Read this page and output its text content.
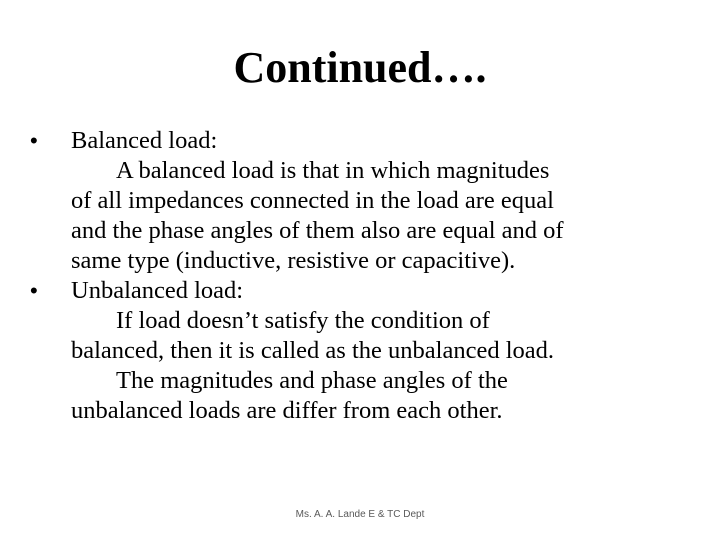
Continued….
•	Balanced load:
A balanced load is that in which magnitudes
of all impedances connected in the load are equal
and the phase angles of them also are equal and of
same type (inductive, resistive or capacitive).
•	Unbalanced load:
If load doesn’t satisfy the condition of
balanced, then it is called as the unbalanced load.
The magnitudes and phase angles of the
unbalanced loads are differ from each other.
Ms. A. A. Lande E & TC Dept
